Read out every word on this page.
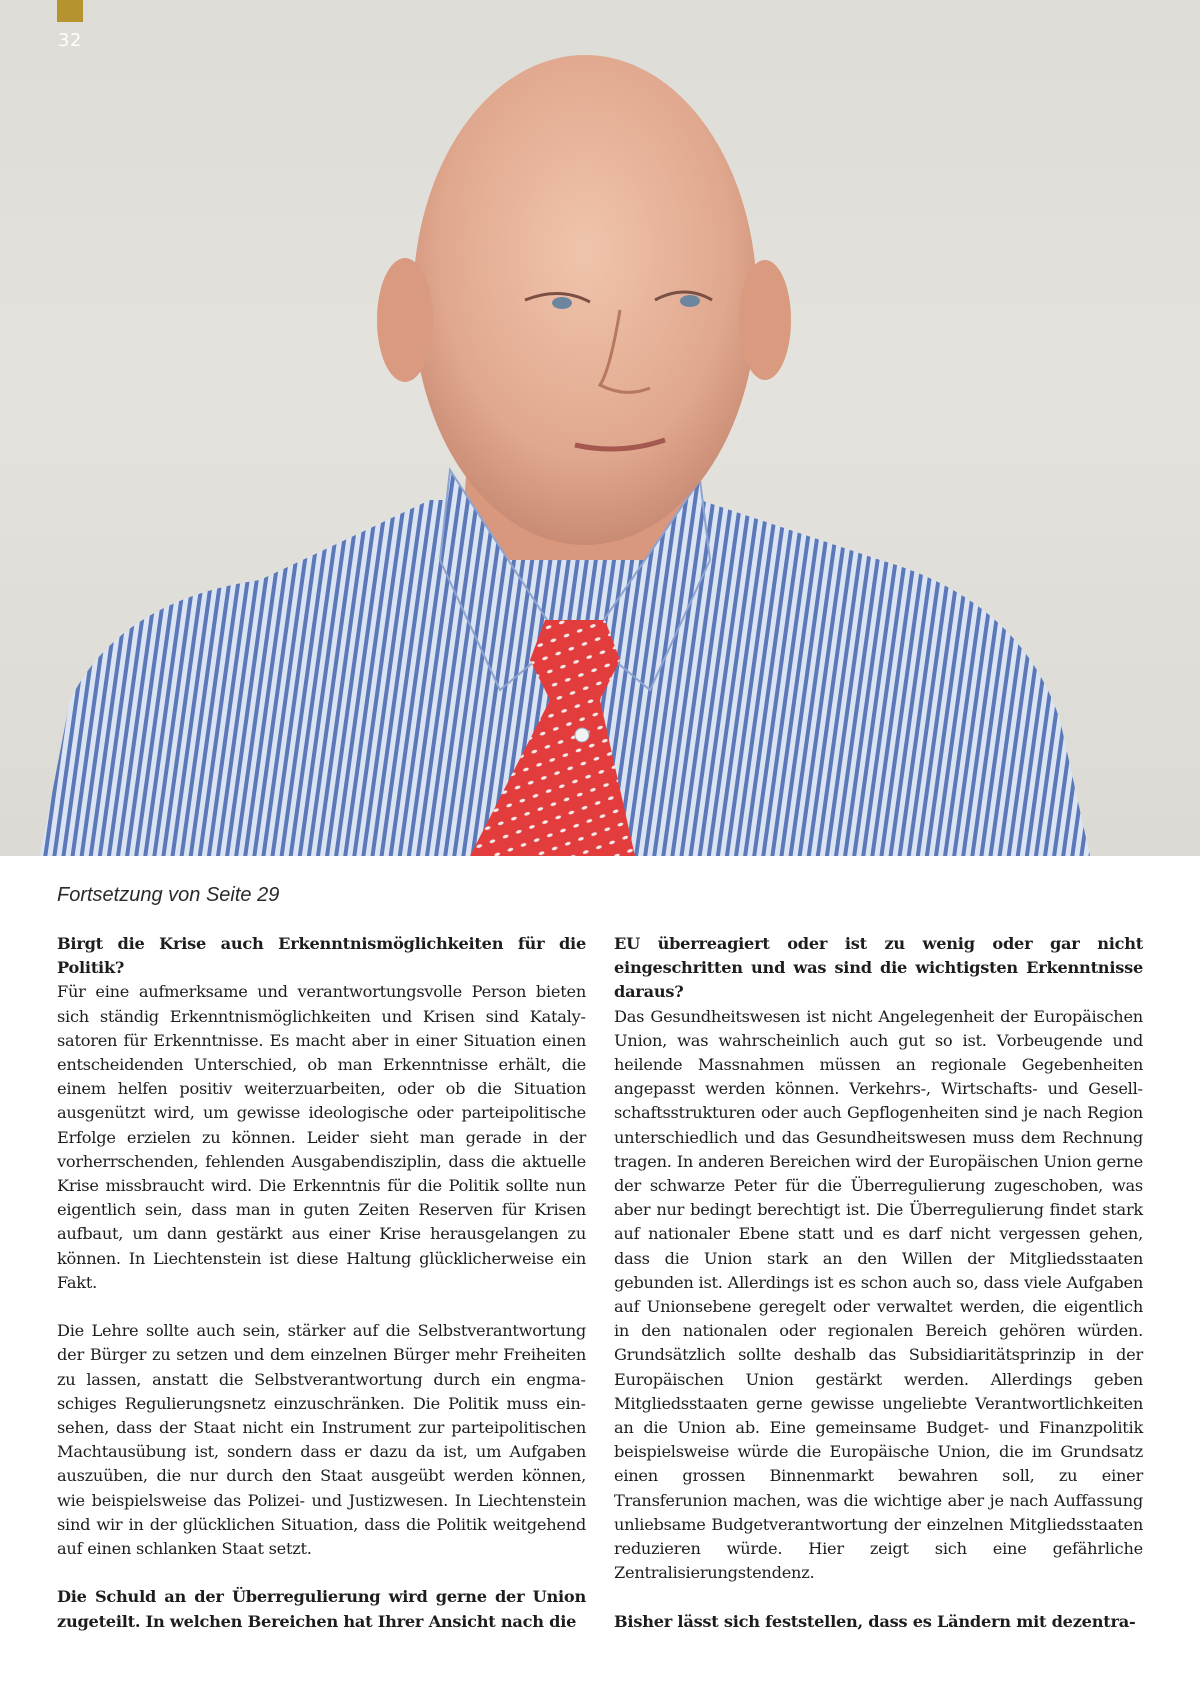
32
Fortsetzung von Seite 29

Birgt die Krise auch Erkenntnismöglichkeiten für die Politik?

Für eine aufmerksame und verantwortungsvolle Person bieten sich ständig Erkenntnismöglichkeiten und Krisen sind Katalysatoren für Erkenntnisse. Es macht aber in einer Situation einen entscheidenden Unterschied, ob man Erkenntnisse erhält, die einem helfen positiv weiterzuarbeiten, oder ob die Situation ausgenützt wird, um gewisse ideologische oder parteipolitische Erfolge erzielen zu können. Leider sieht man gerade in der vorherrschenden, fehlenden Ausgabendisziplin, dass die aktuelle Krise missbraucht wird. Die Erkenntnis für die Politik sollte nun eigentlich sein, dass man in guten Zeiten Reserven für Krisen aufbaut, um dann gestärkt aus einer Krise herausgelangen zu können. In Liechtenstein ist diese Haltung glücklicherweise ein Fakt.

Die Lehre sollte auch sein, stärker auf die Selbstverantwortung der Bürger zu setzen und dem einzelnen Bürger mehr Freiheiten zu lassen, anstatt die Selbstverantwortung durch ein engmaschiges Regulierungsnetz einzuschränken. Die Politik muss einsehen, dass der Staat nicht ein Instrument zur parteipolitischen Machtausübung ist, sondern dass er dazu da ist, um Aufgaben auszuüben, die nur durch den Staat ausgeübt werden können, wie beispielsweise das Polizei- und Justizwesen. In Liechtenstein sind wir in der glücklichen Situation, dass die Politik weitgehend auf einen schlanken Staat setzt.

Die Schuld an der Überregulierung wird gerne der Union zugeteilt. In welchen Bereichen hat Ihrer Ansicht nach die

EU überreagiert oder ist zu wenig oder gar nicht eingeschritten und was sind die wichtigsten Erkenntnisse daraus?

Das Gesundheitswesen ist nicht Angelegenheit der Europäischen Union, was wahrscheinlich auch gut so ist. Vorbeugende und heilende Massnahmen müssen an regionale Gegebenheiten angepasst werden können. Verkehrs-, Wirtschafts- und Gesellschaftsstrukturen oder auch Gepflogenheiten sind je nach Region unterschiedlich und das Gesundheitswesen muss dem Rechnung tragen. In anderen Bereichen wird der Europäischen Union gerne der schwarze Peter für die Überregulierung zugeschoben, was aber nur bedingt berechtigt ist. Die Überregulierung findet stark auf nationaler Ebene statt und es darf nicht vergessen gehen, dass die Union stark an den Willen der Mitgliedsstaaten gebunden ist. Allerdings ist es schon auch so, dass viele Aufgaben auf Unionsebene geregelt oder verwaltet werden, die eigentlich in den nationalen oder regionalen Bereich gehören würden. Grundsätzlich sollte deshalb das Subsidiaritätsprinzip in der Europäischen Union gestärkt werden. Allerdings geben Mitgliedsstaaten gerne gewisse ungeliebte Verantwortlichkeiten an die Union ab. Eine gemeinsame Budget- und Finanzpolitik beispielsweise würde die Europäische Union, die im Grundsatz einen grossen Binnenmarkt bewahren soll, zu einer Transferunion machen, was die wichtige aber je nach Auffassung unliebsame Budgetverantwortung der einzelnen Mitgliedsstaaten reduzieren würde. Hier zeigt sich eine gefährliche Zentralisierungstendenz.

Bisher lässt sich feststellen, dass es Ländern mit dezentra-
